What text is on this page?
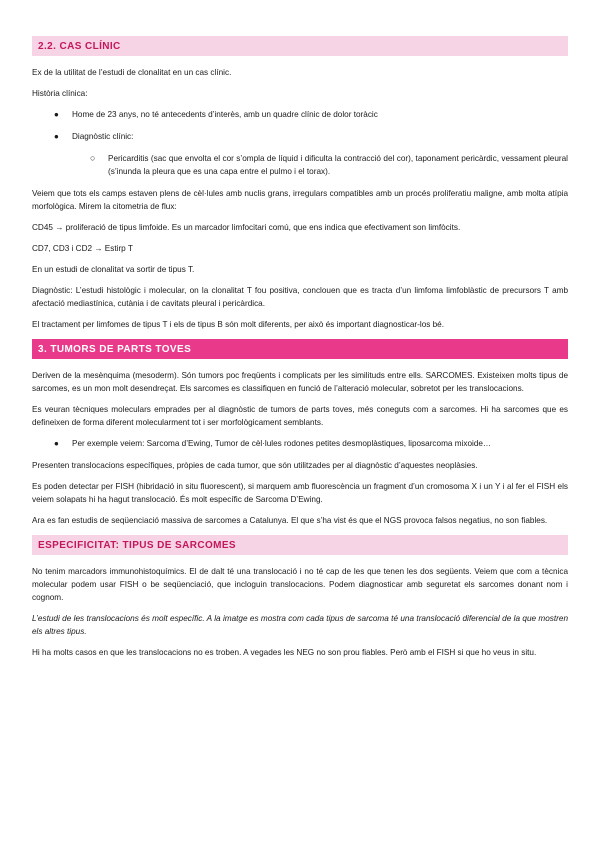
2.2. CAS CLÍNIC

Ex de la utilitat de l’estudi de clonalitat en un cas clínic.

Història clínica:

● Home de 23 anys, no té antecedents d’interès, amb un quadre clínic de dolor toràcic
● Diagnòstic clínic:
○ Pericarditis (sac que envolta el cor s’ompla de líquid i dificulta la contracció del cor), taponament pericàrdic, vessament pleural (s’inunda la pleura que es una capa entre el pulmo i el torax).

Veiem que tots els camps estaven plens de cèl·lules amb nuclis grans, irregulars compatibles amb un procés proliferatiu maligne, amb molta atípia morfològica. Mirem la citometria de flux:

CD45 → proliferació de tipus limfoide. Es un marcador limfocitari comú, que ens indica que efectivament son limfòcits.

CD7, CD3 i CD2 → Estirp T

En un estudi de clonalitat va sortir de tipus T.

Diagnòstic: L’estudi histològic i molecular, on la clonalitat T fou positiva, conclouen que es tracta d’un limfoma limfoblàstic de precursors T amb afectació mediastínica, cutània i de cavitats pleural i pericàrdica.

El tractament per limfomes de tipus T i els de tipus B són molt diferents, per això és important diagnosticar-los bé.

3. TUMORS DE PARTS TOVES

Deriven de la mesènquima (mesoderm). Són tumors poc freqüents i complicats per les similituds entre ells. SARCOMES. Existeixen molts tipus de sarcomes, es un mon molt desendreçat. Els sarcomes es classifiquen en funció de l’alteració molecular, sobretot per les translocacions.

Es veuran tècniques moleculars emprades per al diagnòstic de tumors de parts toves, més coneguts com a sarcomes. Hi ha sarcomes que es defineixen de forma diferent molecularment tot i ser morfològicament semblants.

● Per exemple veiem: Sarcoma d’Ewing, Tumor de cèl·lules rodones petites desmoplàstiques, liposarcoma mixoide…

Presenten translocacions específiques, pròpies de cada tumor, que són utilitzades per al diagnòstic d’aquestes neoplàsies.

Es poden detectar per FISH (hibridació in situ fluorescent), si marquem amb fluorescència un fragment d’un cromosoma X i un Y i al fer el FISH els veiem solapats hi ha hagut translocació. És molt específic de Sarcoma D’Ewing.

Ara es fan estudis de seqüenciació massiva de sarcomes a Catalunya. El que s’ha vist és que el NGS provoca falsos negatius, no son fiables.

ESPECIFICITAT: TIPUS DE SARCOMES

No tenim marcadors immunohistoquímics. El de dalt té una translocació i no té cap de les que tenen les dos següents. Veiem que com a tècnica molecular podem usar FISH o be seqüenciació, que incloguin translocacions. Podem diagnosticar amb seguretat els sarcomes donant nom i cognom.

L’estudi de les translocacions és molt específic. A la imatge es mostra com cada tipus de sarcoma té una translocació diferencial de la que mostren els altres tipus.

Hi ha molts casos en que les translocacions no es troben. A vegades les NEG no son prou fiables. Però amb el FISH si que ho veus in situ.
